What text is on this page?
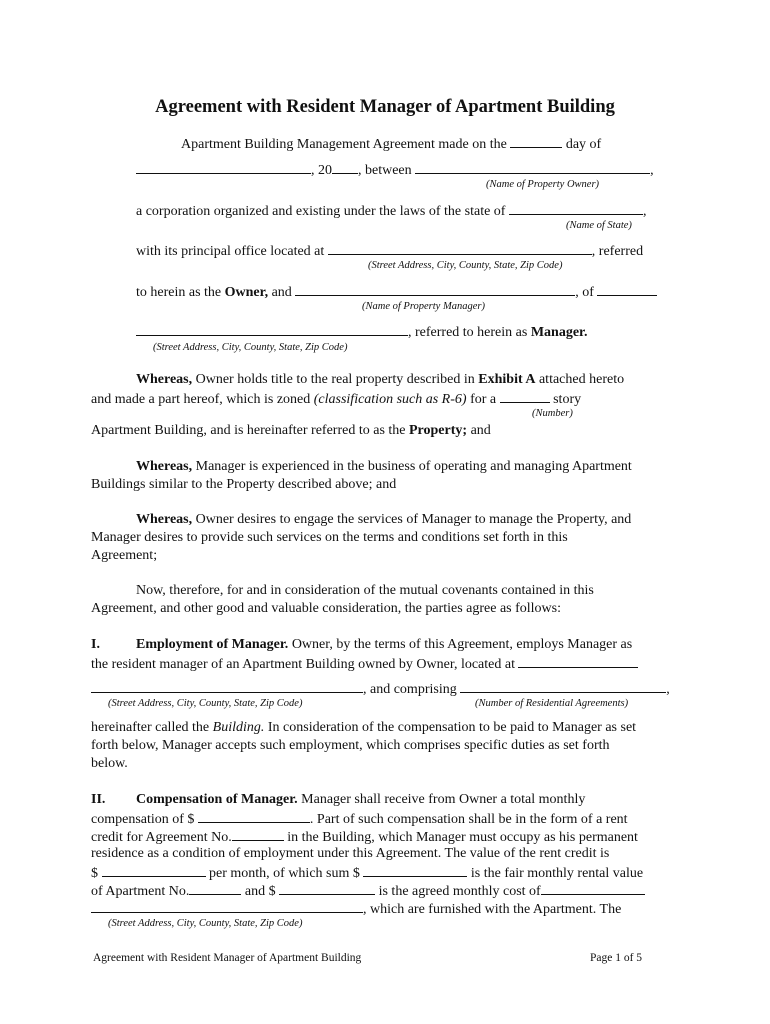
Agreement with Resident Manager of Apartment Building
Apartment Building Management Agreement made on the	day of
, 20 , between	,
(Name of Property Owner)
a corporation organized and existing under the laws of the state of	,
(Name of State)
with its principal office located at	, referred
(Street Address, City, County, State, Zip Code)
to herein as the Owner, and	, of
(Name of Property Manager)
, referred to herein as Manager.
(Street Address, City, County, State, Zip Code)
Whereas, Owner holds title to the real property described in Exhibit A attached hereto
and made a part hereof, which is zoned (classification such as R-6) for a	story
(Number)
Apartment Building, and is hereinafter referred to as the Property; and
Whereas, Manager is experienced in the business of operating and managing Apartment
Buildings similar to the Property described above; and
Whereas, Owner desires to engage the services of Manager to manage the Property, and
Manager desires to provide such services on the terms and conditions set forth in this
Agreement;
Now, therefore, for and in consideration of the mutual covenants contained in this
Agreement, and other good and valuable consideration, the parties agree as follows:
I.	Employment of Manager. Owner, by the terms of this Agreement, employs Manager as
the resident manager of an Apartment Building owned by Owner, located at
, and comprising	,
(Street Address, City, County, State, Zip Code)	(Number of Residential Agreements)
hereinafter called the Building. In consideration of the compensation to be paid to Manager as set
forth below, Manager accepts such employment, which comprises specific duties as set forth
below.
II. Compensation of Manager. Manager shall receive from Owner a total monthly
compensation of $	. Part of such compensation shall be in the form of a rent
credit for Agreement No.	in the Building, which Manager must occupy as his permanent
residence as a condition of employment under this Agreement. The value of the rent credit is
$	per month, of which sum $	is the fair monthly rental value
of Apartment No.	and $	is the agreed monthly cost of
, which are furnished with the Apartment. The
(Street Address, City, County, State, Zip Code)
Agreement with Resident Manager of Apartment Building	Page 1 of 5
